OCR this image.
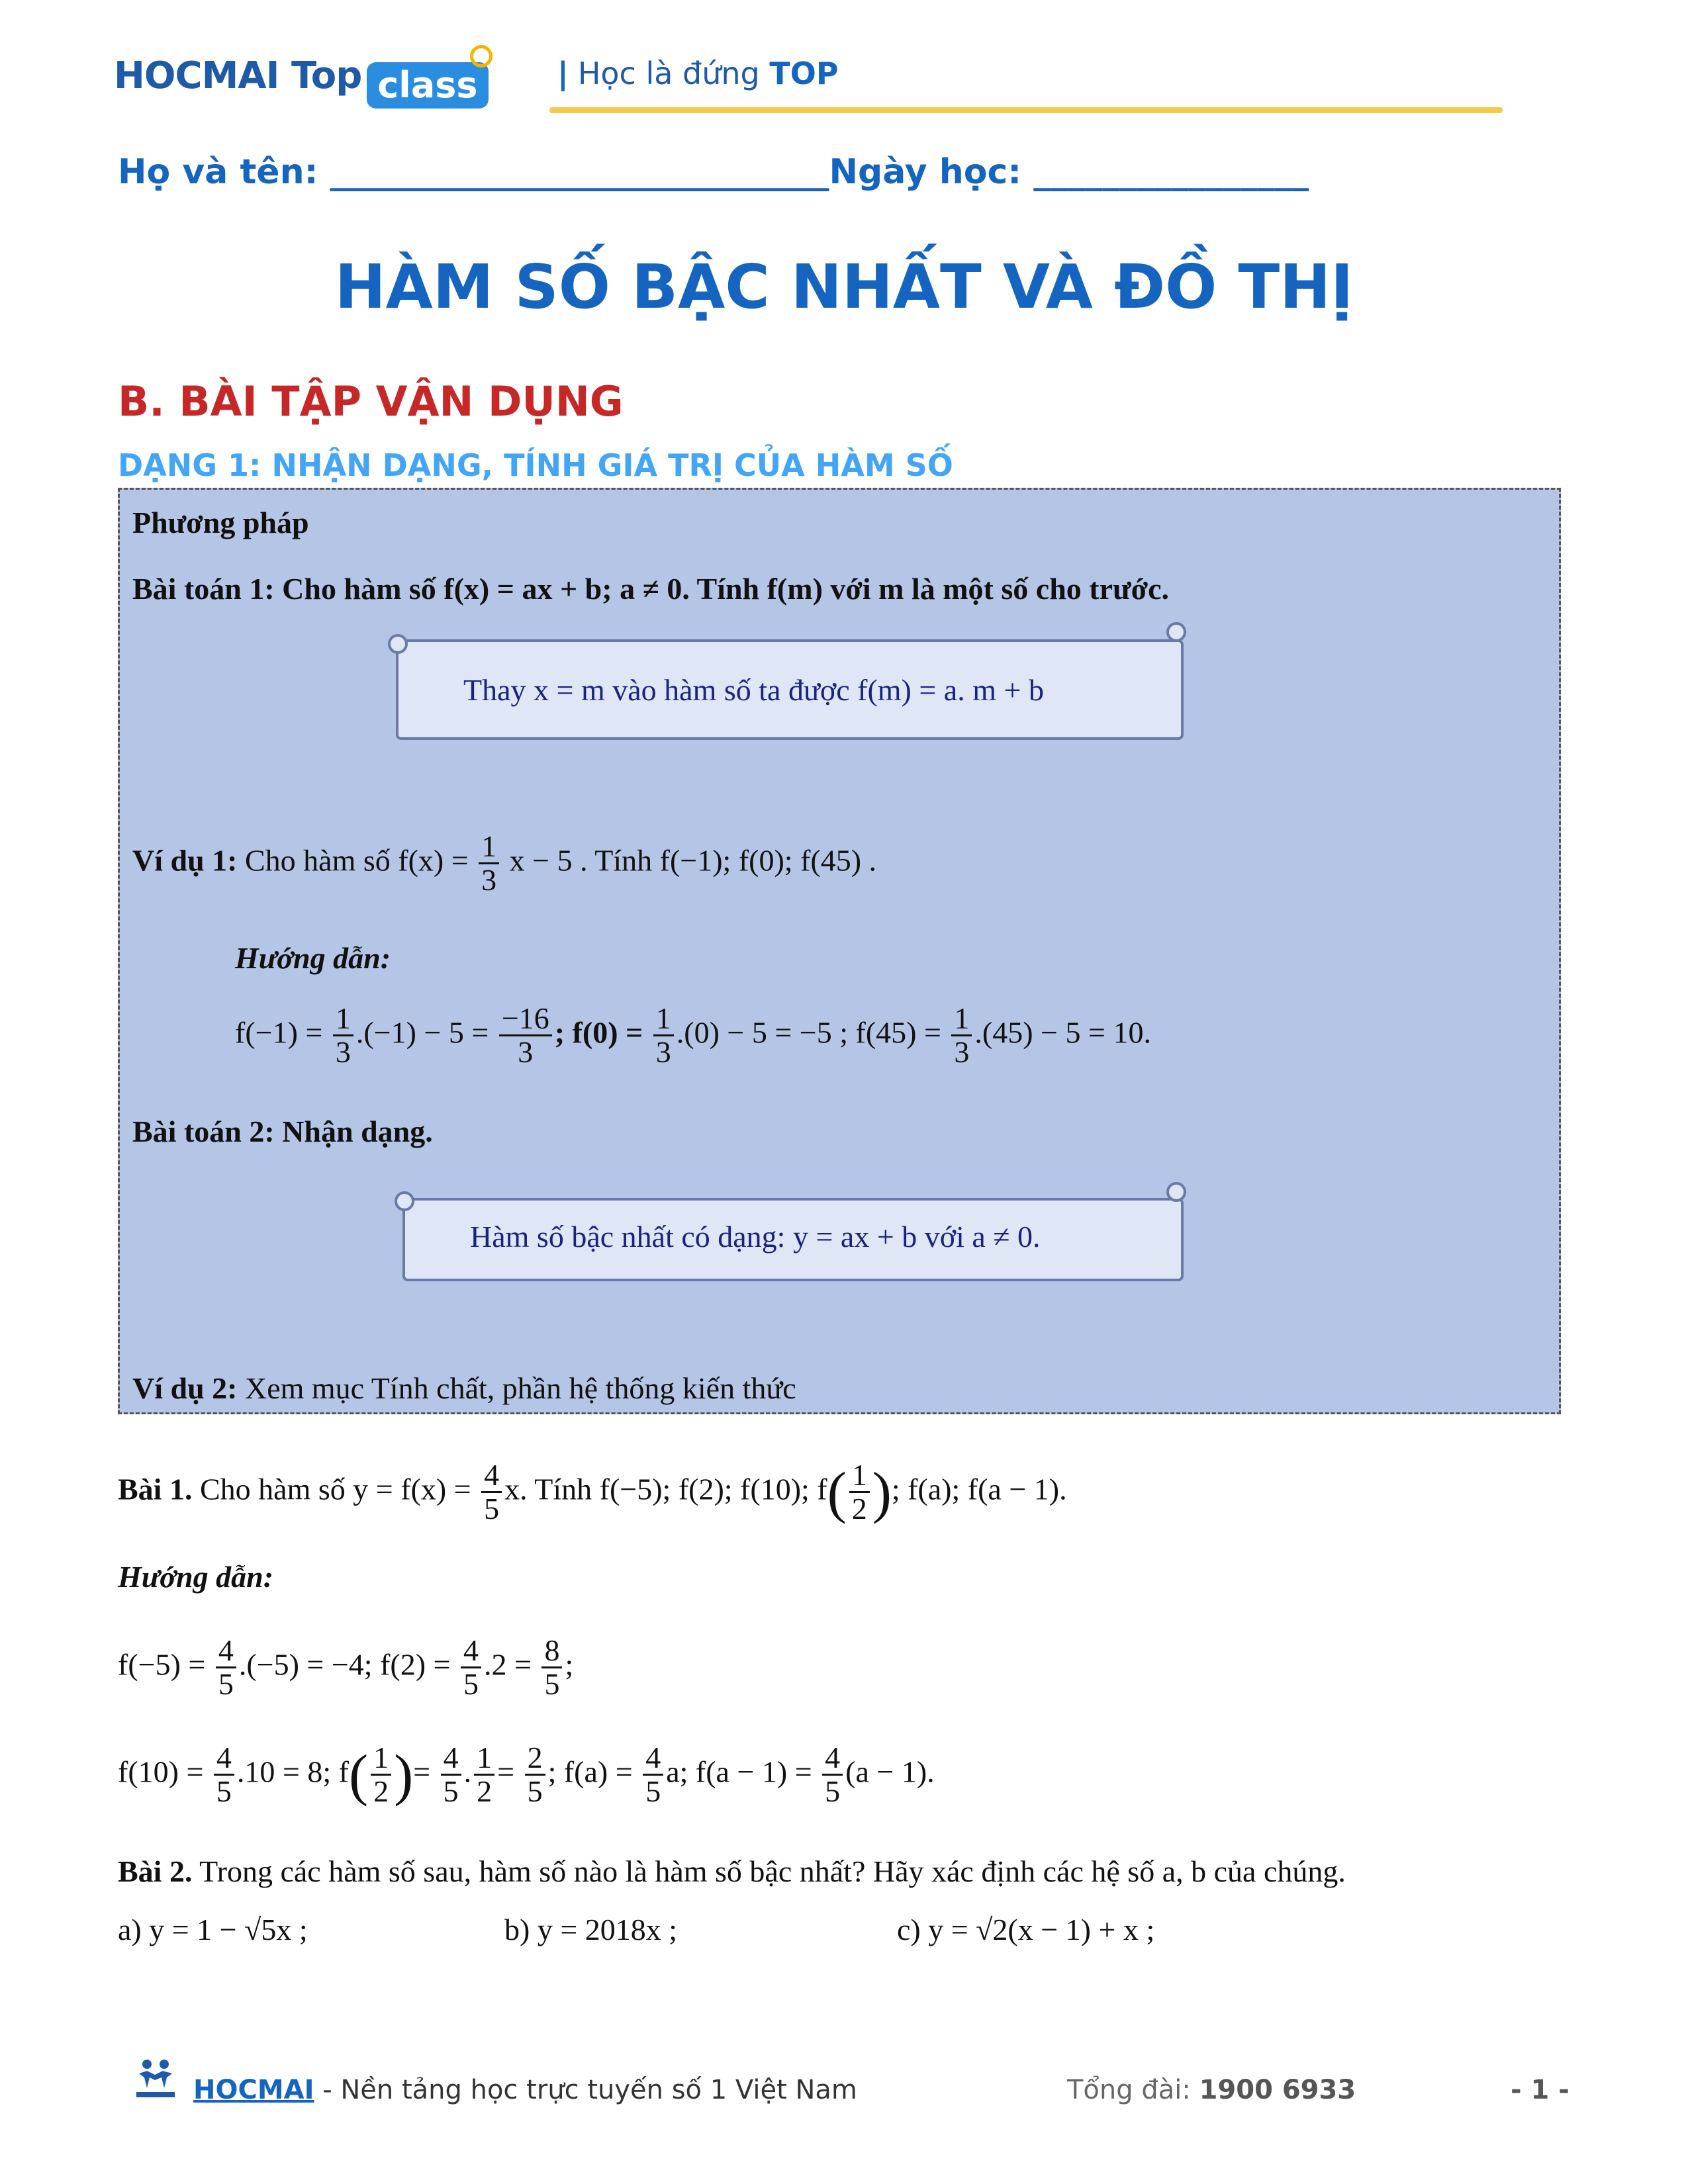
HOCMAI Top class	| Học là đứng TOP
Họ và tên: _____________________________Ngày học: ________________
HÀM SỐ BẬC NHẤT VÀ ĐỒ THỊ
B. BÀI TẬP VẬN DỤNG
DẠNG 1: NHẬN DẠNG, TÍNH GIÁ TRỊ CỦA HÀM SỐ
Phương pháp
Bài toán 1: Cho hàm số f(x) = ax + b; a ≠ 0. Tính f(m) với m là một số cho trước.
Thay x = m vào hàm số ta được f(m) = a. m + b
Ví dụ 1: Cho hàm số $f(x) = \frac{1}{3}$ x − 5 . Tính f(−1); f(0); f(45) .
Hướng dẫn:
$f(-1) = \frac{1}{3} .(-1) - 5 = \frac{-16}{3}$ ; $f(0) = \frac{1}{3} .(0) - 5 = -5$ ; $f(45) = \frac{1}{3} .(45) - 5 = 10$.
Bài toán 2: Nhận dạng.
Hàm số bậc nhất có dạng: y = ax + b với a ≠ 0.
Ví dụ 2: Xem mục Tính chất, phần hệ thống kiến thức
Bài 1. Cho hàm số $y = f(x) = \frac{4}{5} x$. Tính f(−5); f(2); f(10); $f( \frac{1}{2}$ ); f(a); f(a − 1).
Hướng dẫn:
$f(-5) = \frac{4}{5} .(-5) = -4$; $f(2) = \frac{4}{5} .2 = \frac{8}{5}$ ;
$f(10) = \frac{4}{5} .10 = 8$; $f( \frac{1}{2}$ )= $\frac{4}{5}$ . $\frac{1}{2} = \frac{2}{5}$ ; $f(a) = \frac{4}{5} a$; $f(a - 1) = \frac{4}{5} (a - 1)$.
Bài 2. Trong các hàm số sau, hàm số nào là hàm số bậc nhất? Hãy xác định các hệ số a, b của chúng.
a) y = 1 − √5x ;	b) y = 2018x ;	c) y = √2(x − 1) + x ;
HOCMAI - Nền tảng học trực tuyến số 1 Việt Nam	Tổng đài: 1900 6933	- 1 -
